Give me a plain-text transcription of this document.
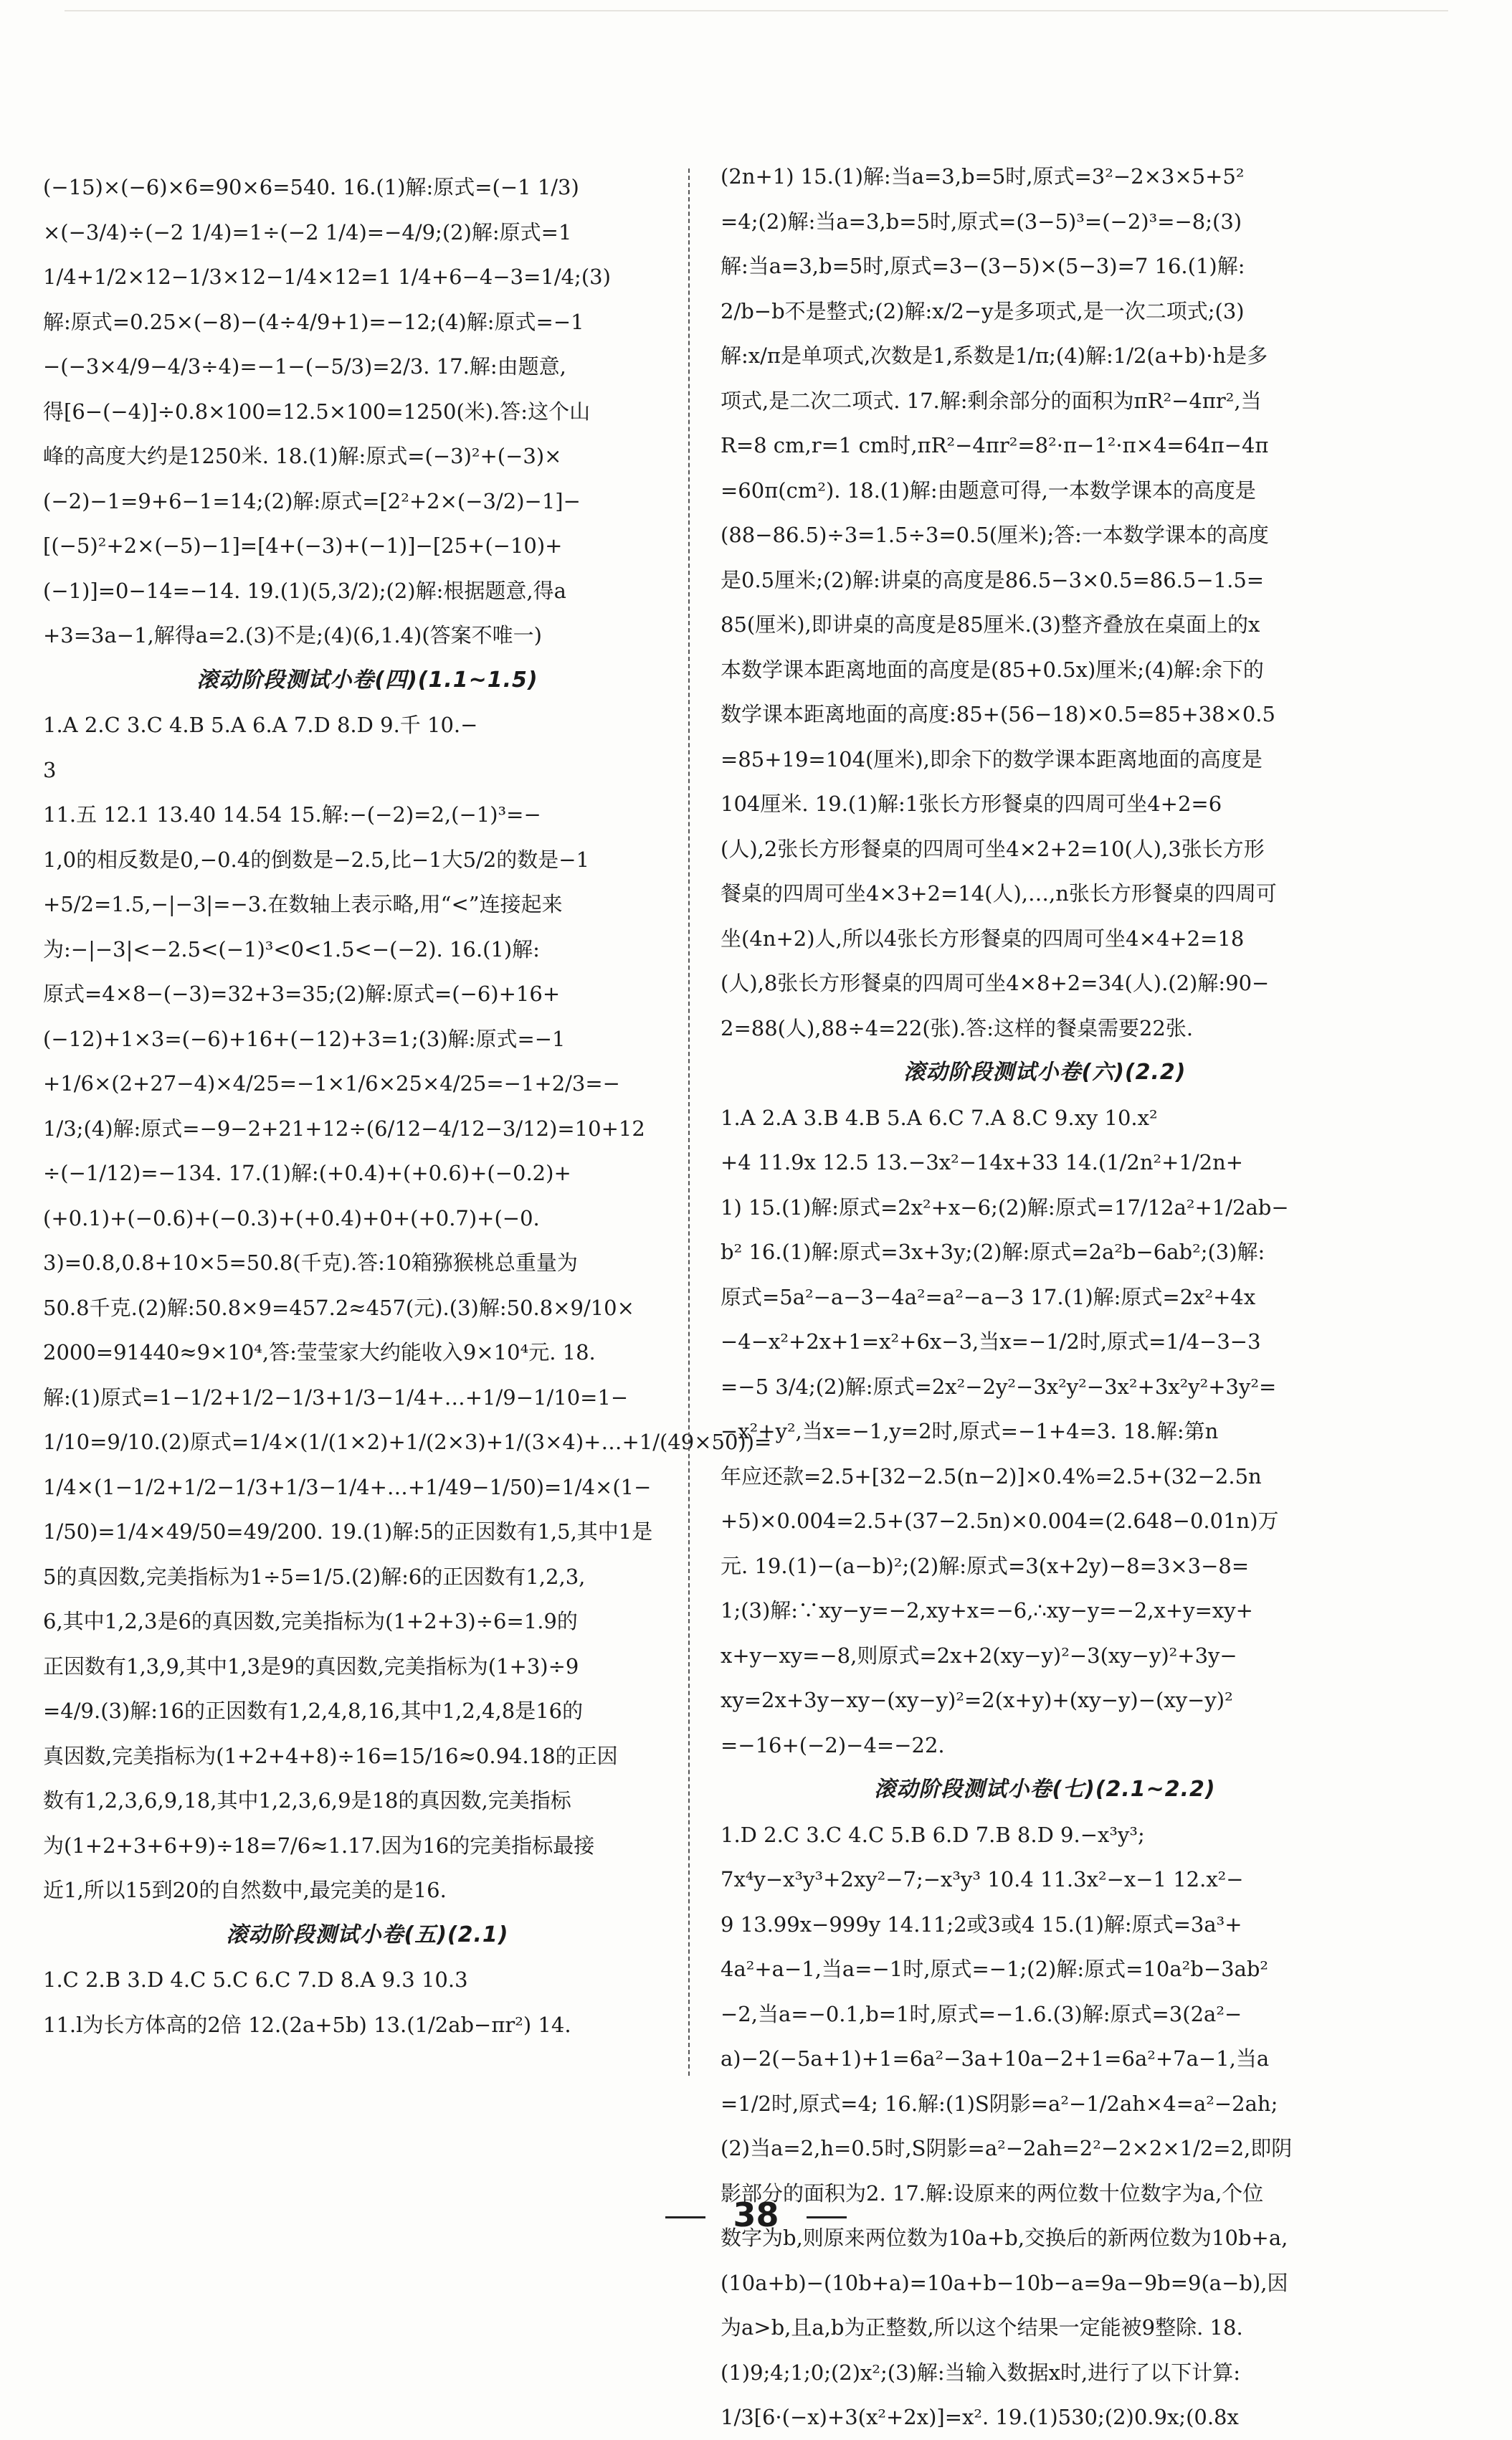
(−15)×(−6)×6=90×6=540. 16.(1)解:原式=(−1 1/3)
×(−3/4)÷(−2 1/4)=1÷(−2 1/4)=−4/9;(2)解:原式=1
1/4+1/2×12−1/3×12−1/4×12=1 1/4+6−4−3=1/4;(3)
解:原式=0.25×(−8)−(4÷4/9+1)=−12;(4)解:原式=−1
−(−3×4/9−4/3÷4)=−1−(−5/3)=2/3. 17.解:由题意,
得[6−(−4)]÷0.8×100=12.5×100=1250(米).答:这个山
峰的高度大约是1250米. 18.(1)解:原式=(−3)²+(−3)×
(−2)−1=9+6−1=14;(2)解:原式=[2²+2×(−3/2)−1]−
[(−5)²+2×(−5)−1]=[4+(−3)+(−1)]−[25+(−10)+
(−1)]=0−14=−14. 19.(1)(5,3/2);(2)解:根据题意,得a
+3=3a−1,解得a=2.(3)不是;(4)(6,1.4)(答案不唯一)
滚动阶段测试小卷(四)(1.1~1.5)
1.A 2.C 3.C 4.B 5.A 6.A 7.D 8.D 9.千 10.−
3
11.五 12.1 13.40 14.54 15.解:−(−2)=2,(−1)³=−
1,0的相反数是0,−0.4的倒数是−2.5,比−1大5/2的数是−1
+5/2=1.5,−|−3|=−3.在数轴上表示略,用“<”连接起来
为:−|−3|<−2.5<(−1)³<0<1.5<−(−2). 16.(1)解:
原式=4×8−(−3)=32+3=35;(2)解:原式=(−6)+16+
(−12)+1×3=(−6)+16+(−12)+3=1;(3)解:原式=−1
+1/6×(2+27−4)×4/25=−1×1/6×25×4/25=−1+2/3=−
1/3;(4)解:原式=−9−2+21+12÷(6/12−4/12−3/12)=10+12
÷(−1/12)=−134. 17.(1)解:(+0.4)+(+0.6)+(−0.2)+
(+0.1)+(−0.6)+(−0.3)+(+0.4)+0+(+0.7)+(−0.
3)=0.8,0.8+10×5=50.8(千克).答:10箱猕猴桃总重量为
50.8千克.(2)解:50.8×9=457.2≈457(元).(3)解:50.8×9/10×
2000=91440≈9×10⁴,答:莹莹家大约能收入9×10⁴元. 18.
解:(1)原式=1−1/2+1/2−1/3+1/3−1/4+…+1/9−1/10=1−
1/10=9/10.(2)原式=1/4×(1/(1×2)+1/(2×3)+1/(3×4)+…+1/(49×50))=
1/4×(1−1/2+1/2−1/3+1/3−1/4+…+1/49−1/50)=1/4×(1−
1/50)=1/4×49/50=49/200. 19.(1)解:5的正因数有1,5,其中1是
5的真因数,完美指标为1÷5=1/5.(2)解:6的正因数有1,2,3,
6,其中1,2,3是6的真因数,完美指标为(1+2+3)÷6=1.9的
正因数有1,3,9,其中1,3是9的真因数,完美指标为(1+3)÷9
=4/9.(3)解:16的正因数有1,2,4,8,16,其中1,2,4,8是16的
真因数,完美指标为(1+2+4+8)÷16=15/16≈0.94.18的正因
数有1,2,3,6,9,18,其中1,2,3,6,9是18的真因数,完美指标
为(1+2+3+6+9)÷18=7/6≈1.17.因为16的完美指标最接
近1,所以15到20的自然数中,最完美的是16.
滚动阶段测试小卷(五)(2.1)
1.C 2.B 3.D 4.C 5.C 6.C 7.D 8.A 9.3 10.3
11.l为长方体高的2倍 12.(2a+5b) 13.(1/2ab−πr²) 14.
(2n+1) 15.(1)解:当a=3,b=5时,原式=3²−2×3×5+5²
=4;(2)解:当a=3,b=5时,原式=(3−5)³=(−2)³=−8;(3)
解:当a=3,b=5时,原式=3−(3−5)×(5−3)=7 16.(1)解:
2/b−b不是整式;(2)解:x/2−y是多项式,是一次二项式;(3)
解:x/π是单项式,次数是1,系数是1/π;(4)解:1/2(a+b)·h是多
项式,是二次二项式. 17.解:剩余部分的面积为πR²−4πr²,当
R=8 cm,r=1 cm时,πR²−4πr²=8²·π−1²·π×4=64π−4π
=60π(cm²). 18.(1)解:由题意可得,一本数学课本的高度是
(88−86.5)÷3=1.5÷3=0.5(厘米);答:一本数学课本的高度
是0.5厘米;(2)解:讲桌的高度是86.5−3×0.5=86.5−1.5=
85(厘米),即讲桌的高度是85厘米.(3)整齐叠放在桌面上的x
本数学课本距离地面的高度是(85+0.5x)厘米;(4)解:余下的
数学课本距离地面的高度:85+(56−18)×0.5=85+38×0.5
=85+19=104(厘米),即余下的数学课本距离地面的高度是
104厘米. 19.(1)解:1张长方形餐桌的四周可坐4+2=6
(人),2张长方形餐桌的四周可坐4×2+2=10(人),3张长方形
餐桌的四周可坐4×3+2=14(人),…,n张长方形餐桌的四周可
坐(4n+2)人,所以4张长方形餐桌的四周可坐4×4+2=18
(人),8张长方形餐桌的四周可坐4×8+2=34(人).(2)解:90−
2=88(人),88÷4=22(张).答:这样的餐桌需要22张.
滚动阶段测试小卷(六)(2.2)
1.A 2.A 3.B 4.B 5.A 6.C 7.A 8.C 9.xy 10.x²
+4 11.9x 12.5 13.−3x²−14x+33 14.(1/2n²+1/2n+
1) 15.(1)解:原式=2x²+x−6;(2)解:原式=17/12a²+1/2ab−
b² 16.(1)解:原式=3x+3y;(2)解:原式=2a²b−6ab²;(3)解:
原式=5a²−a−3−4a²=a²−a−3 17.(1)解:原式=2x²+4x
−4−x²+2x+1=x²+6x−3,当x=−1/2时,原式=1/4−3−3
=−5 3/4;(2)解:原式=2x²−2y²−3x²y²−3x²+3x²y²+3y²=
−x²+y²,当x=−1,y=2时,原式=−1+4=3. 18.解:第n
年应还款=2.5+[32−2.5(n−2)]×0.4%=2.5+(32−2.5n
+5)×0.004=2.5+(37−2.5n)×0.004=(2.648−0.01n)万
元. 19.(1)−(a−b)²;(2)解:原式=3(x+2y)−8=3×3−8=
1;(3)解:∵xy−y=−2,xy+x=−6,∴xy−y=−2,x+y=xy+
x+y−xy=−8,则原式=2x+2(xy−y)²−3(xy−y)²+3y−
xy=2x+3y−xy−(xy−y)²=2(x+y)+(xy−y)−(xy−y)²
=−16+(−2)−4=−22.
滚动阶段测试小卷(七)(2.1~2.2)
1.D 2.C 3.C 4.C 5.B 6.D 7.B 8.D 9.−x³y³;
7x⁴y−x³y³+2xy²−7;−x³y³ 10.4 11.3x²−x−1 12.x²−
9 13.99x−999y 14.11;2或3或4 15.(1)解:原式=3a³+
4a²+a−1,当a=−1时,原式=−1;(2)解:原式=10a²b−3ab²
−2,当a=−0.1,b=1时,原式=−1.6.(3)解:原式=3(2a²−
a)−2(−5a+1)+1=6a²−3a+10a−2+1=6a²+7a−1,当a
=1/2时,原式=4; 16.解:(1)S阴影=a²−1/2ah×4=a²−2ah;
(2)当a=2,h=0.5时,S阴影=a²−2ah=2²−2×2×1/2=2,即阴
影部分的面积为2. 17.解:设原来的两位数十位数字为a,个位
数字为b,则原来两位数为10a+b,交换后的新两位数为10b+a,
(10a+b)−(10b+a)=10a+b−10b−a=9a−9b=9(a−b),因
为a>b,且a,b为正整数,所以这个结果一定能被9整除. 18.
(1)9;4;1;0;(2)x²;(3)解:当输入数据x时,进行了以下计算:
1/3[6·(−x)+3(x²+2x)]=x². 19.(1)530;(2)0.9x;(0.8x
38
